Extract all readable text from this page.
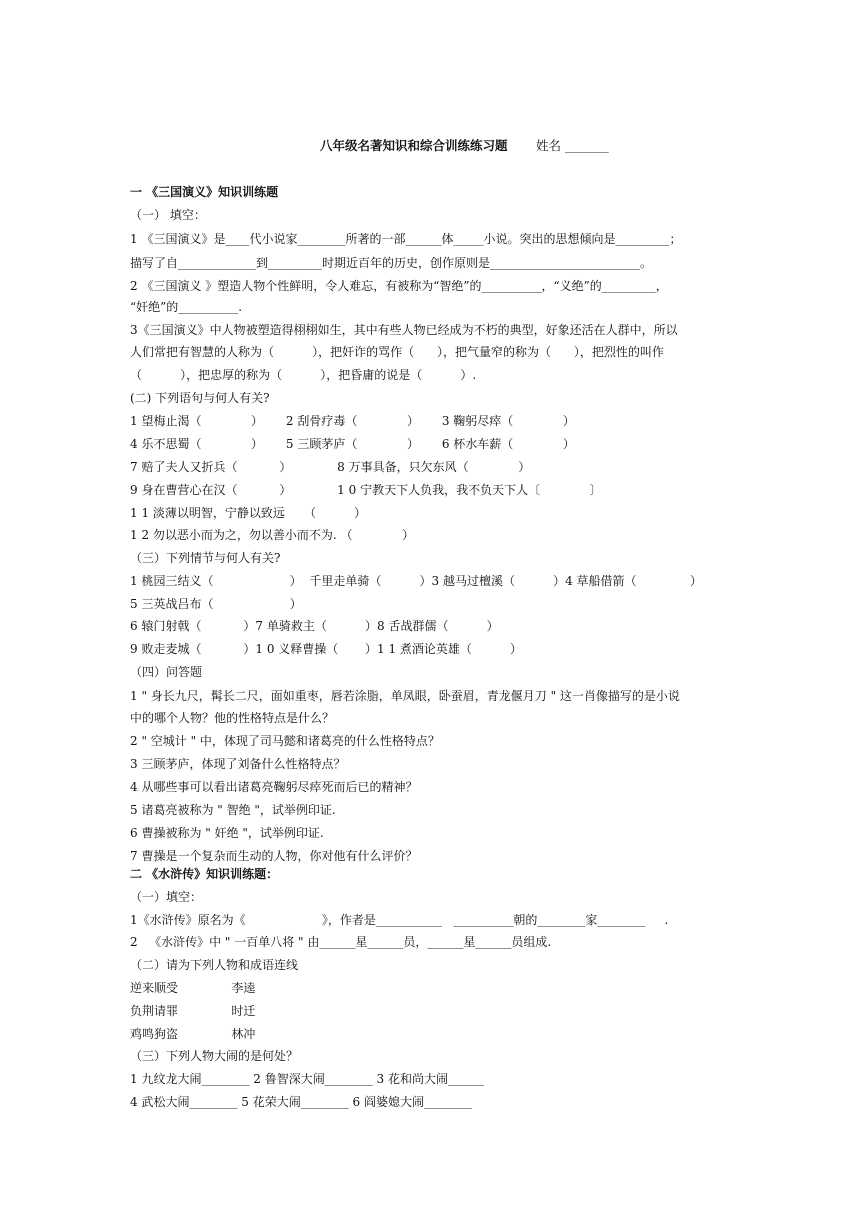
八年级名著知识和综合训练练习题 姓名 _______
一 《三国演义》知识训练题
（一） 填空：
1 《三国演义》是____代小说家________所著的一部______体_____小说。突出的思想倾向是_________；
描写了自_____________到_________时期近百年的历史，创作原则是_________________________。
2 《三国演义 》塑造人物个性鲜明，令人难忘，有被称为“智绝”的__________，“义绝”的_________，
“奸绝”的__________.
3《三国演义》中人物被塑造得栩栩如生，其中有些人物已经成为不朽的典型，好象还活在人群中，所以
人们常把有智慧的人称为（          ），把奸诈的骂作（      ），把气量窄的称为（      ），把烈性的叫作
（          ），把忠厚的称为（          ），把昏庸的说是（          ）.
(二) 下列语句与何人有关?
1 望梅止渴（             ）      2 刮骨疗毒（             ）      3 鞠躬尽瘁（             ）
4 乐不思蜀（             ）      5 三顾茅庐（             ）      6 杯水车薪（             ）
7 赔了夫人又折兵（           ）            8 万事具备，只欠东风（             ）
9 身在曹营心在汉（           ）            1 0 宁教天下人负我，我不负天下人〔             〕
1 1 淡薄以明智，宁静以致远     （          ）
1 2 勿以恶小而为之，勿以善小而不为. （             ）
（三）下列情节与何人有关?
1 桃园三结义（                    ）  千里走单骑（          ）3 越马过檀溪（          ）4 草船借箭（              ）
5 三英战吕布（                    ）
6 辕门射戟（           ）7 单骑救主（          ）8 舌战群儒（          ）
9 败走麦城（           ）1 0 义释曹操（       ）1 1 煮酒论英雄（          ）
（四）问答题
1 " 身长九尺，髯长二尺，面如重枣，唇若涂脂，单凤眼，卧蚕眉，青龙偃月刀 " 这一肖像描写的是小说
中的哪个人物？他的性格特点是什么？
2 " 空城计 " 中，体现了司马懿和诸葛亮的什么性格特点？
3 三顾茅庐，体现了刘备什么性格特点？
4 从哪些事可以看出诸葛亮鞠躬尽瘁死而后已的精神？
5 诸葛亮被称为 " 智绝 "，试举例印证.
6 曹操被称为 " 奸绝 "，试举例印证.
7 曹操是一个复杂而生动的人物，你对他有什么评价？
二 《水浒传》知识训练题：
（一）填空：
1《水浒传》原名为《                    》，作者是___________   __________朝的________家________     .
2   《水浒传》中 " 一百单八将 " 由______星______员，______星______员组成.
（二）请为下列人物和成语连线
逆来顺受              李逵
负荆请罪              时迁
鸡鸣狗盗              林冲
（三）下列人物大闹的是何处？
1 九纹龙大闹________ 2 鲁智深大闹________ 3 花和尚大闹______
4 武松大闹________ 5 花荣大闹________ 6 阎婆媳大闹________
